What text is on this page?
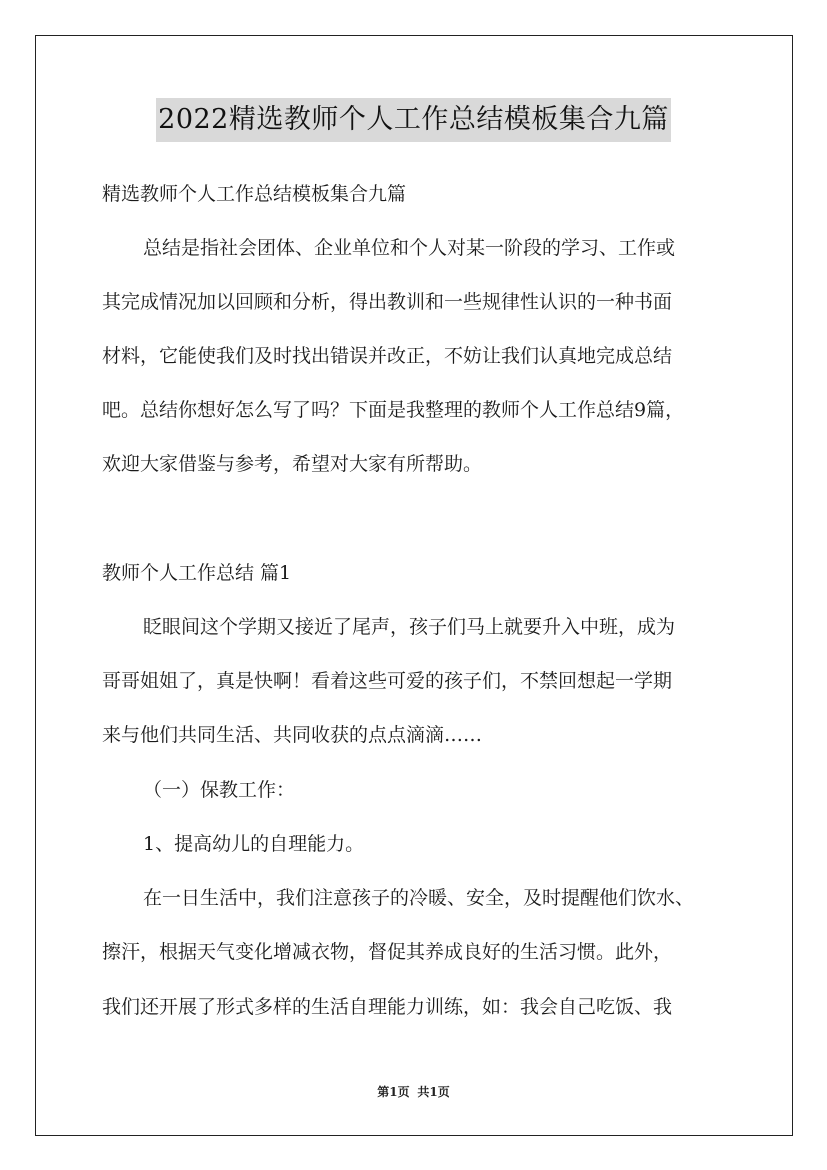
2022精选教师个人工作总结模板集合九篇
精选教师个人工作总结模板集合九篇
总结是指社会团体、企业单位和个人对某一阶段的学习、工作或
其完成情况加以回顾和分析，得出教训和一些规律性认识的一种书面
材料，它能使我们及时找出错误并改正，不妨让我们认真地完成总结
吧。总结你想好怎么写了吗？下面是我整理的教师个人工作总结9篇，
欢迎大家借鉴与参考，希望对大家有所帮助。
教师个人工作总结 篇1
眨眼间这个学期又接近了尾声，孩子们马上就要升入中班，成为
哥哥姐姐了，真是快啊！看着这些可爱的孩子们，不禁回想起一学期
来与他们共同生活、共同收获的点点滴滴……
（一）保教工作：
1、提高幼儿的自理能力。
在一日生活中，我们注意孩子的冷暖、安全，及时提醒他们饮水、
擦汗，根据天气变化增减衣物，督促其养成良好的生活习惯。此外，
我们还开展了形式多样的生活自理能力训练，如：我会自己吃饭、我
第1页 共1页
